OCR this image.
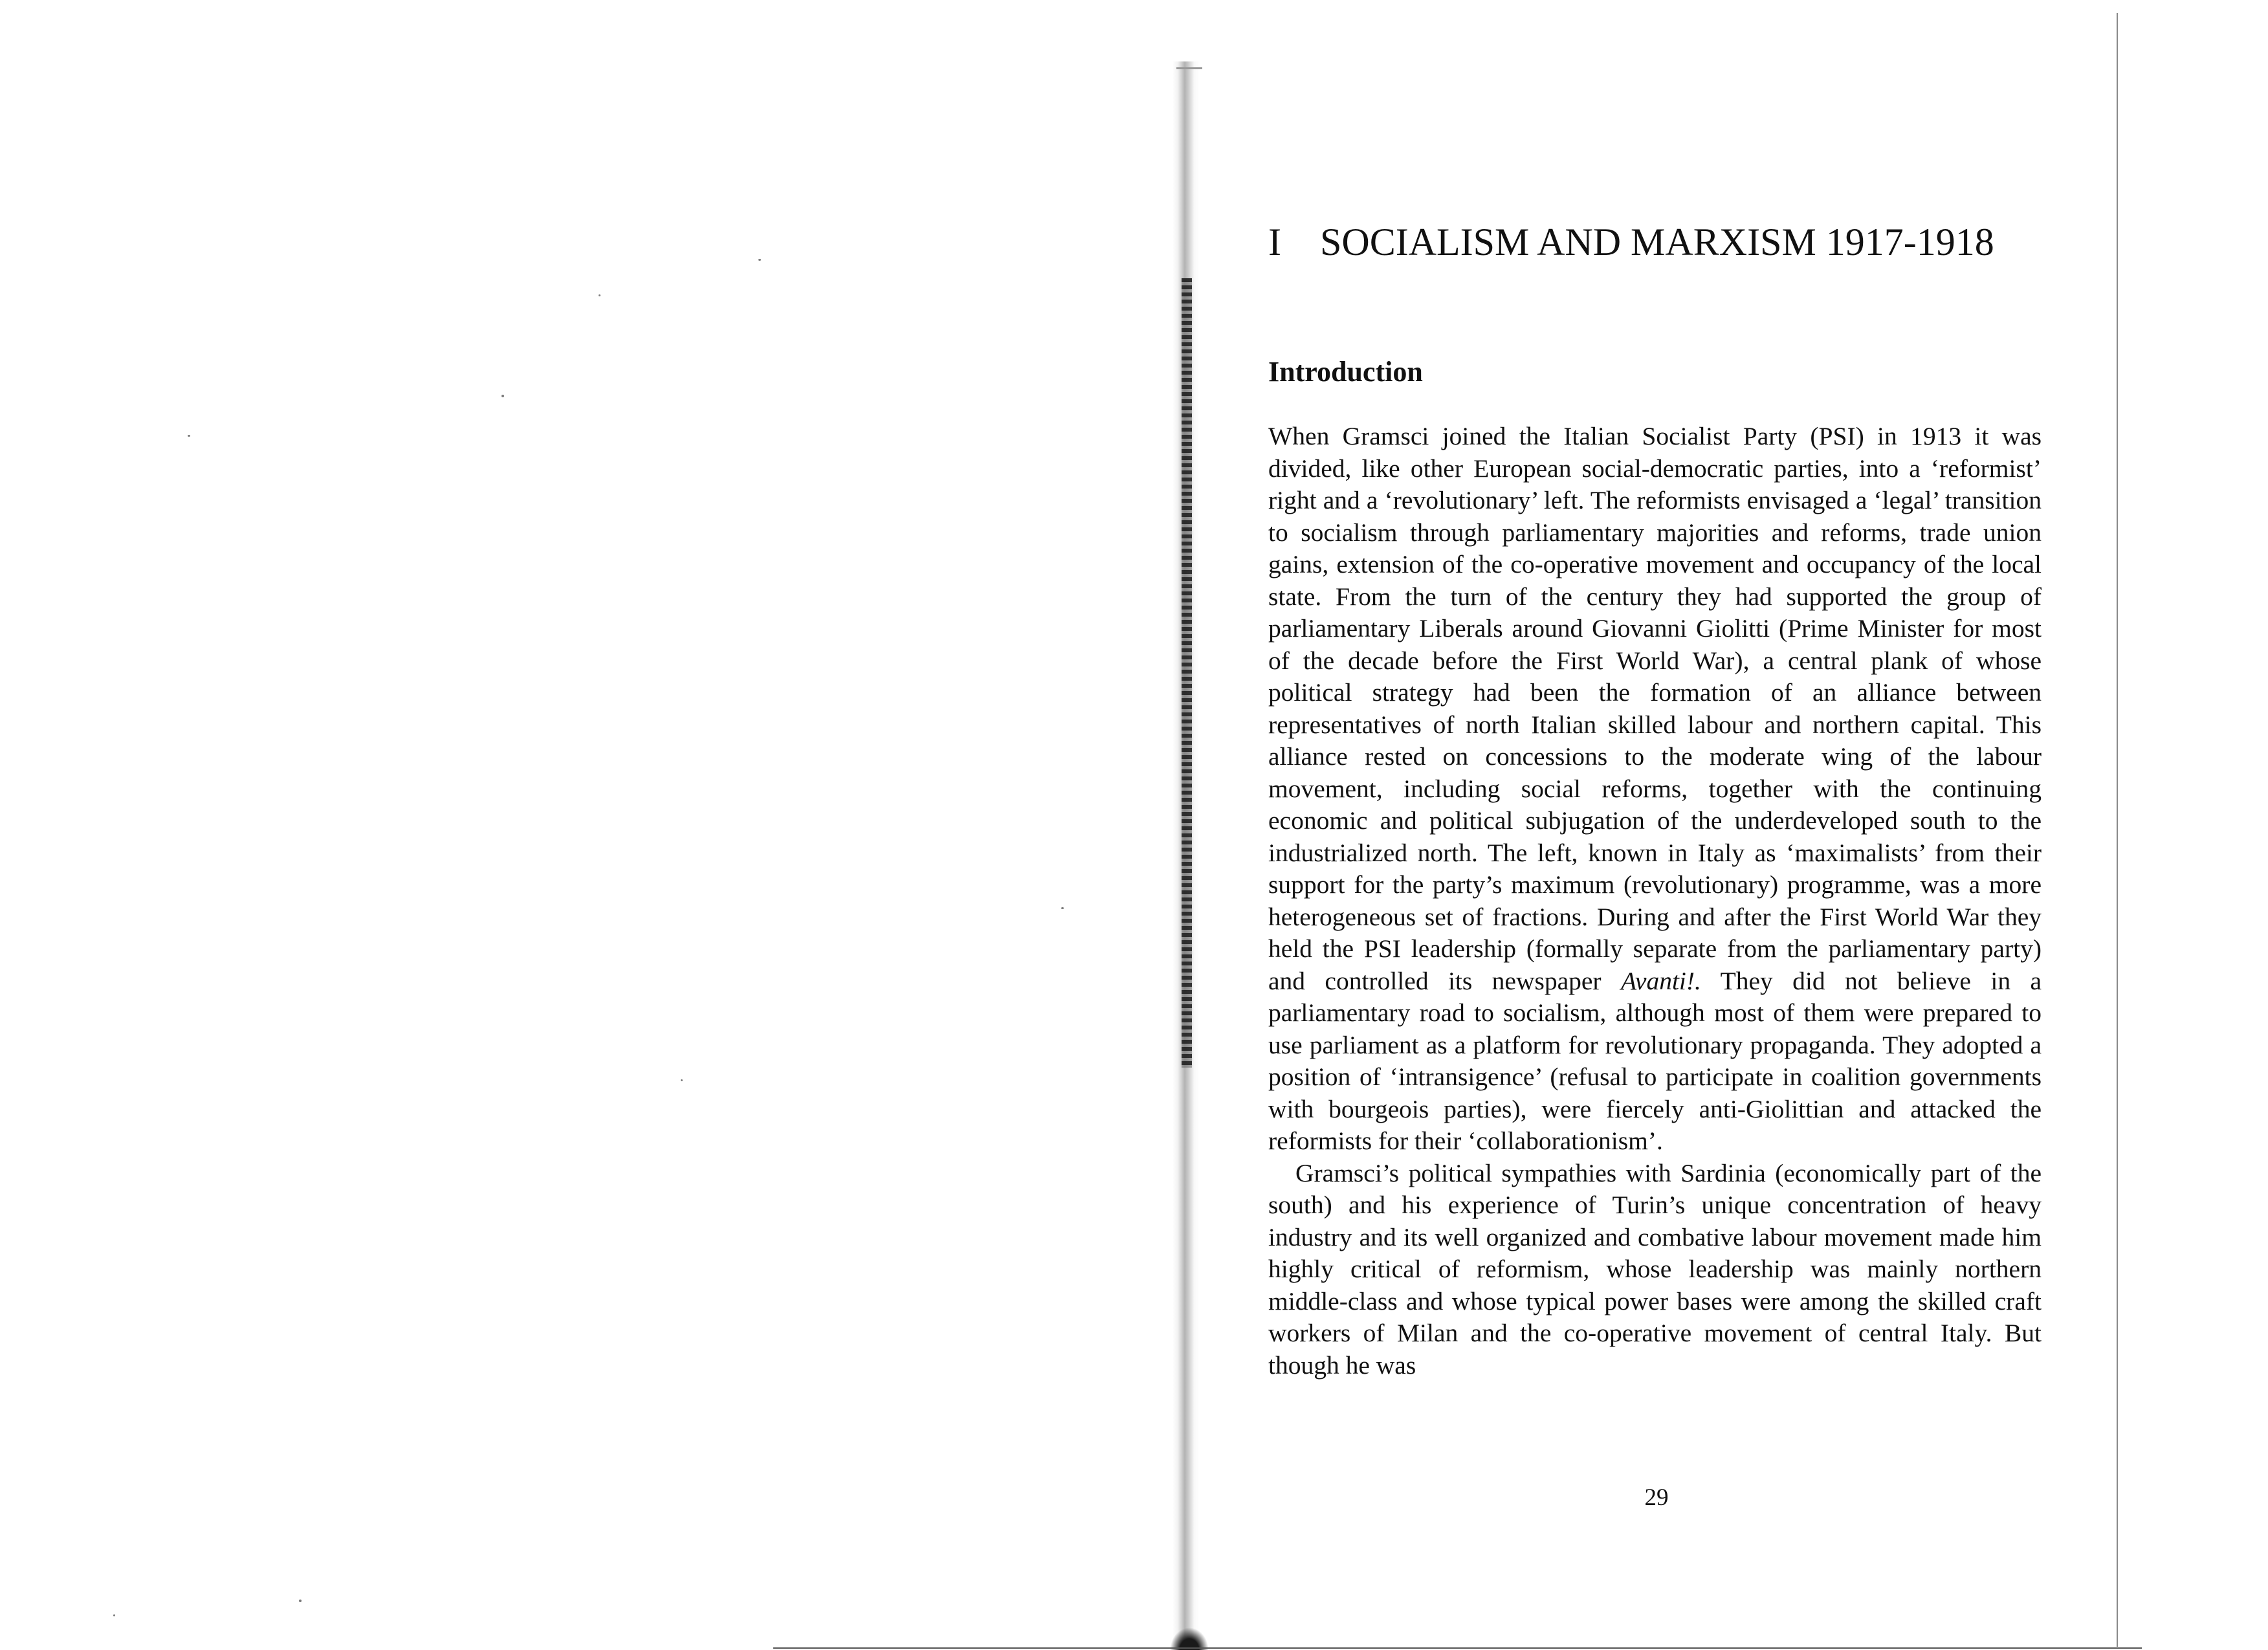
I SOCIALISM AND MARXISM 1917-1918
Introduction

When Gramsci joined the Italian Socialist Party (PSI) in 1913 it was divided, like other European social-democratic parties, into a ‘reformist’ right and a ‘revolutionary’ left. The reformists envisaged a ‘legal’ transition to socialism through parliamentary majorities and reforms, trade union gains, extension of the co-operative movement and occupancy of the local state. From the turn of the century they had supported the group of parliamentary Liberals around Giovanni Giolitti (Prime Minister for most of the decade before the First World War), a central plank of whose political strategy had been the formation of an alliance between representatives of north Italian skilled labour and northern capital. This alliance rested on concessions to the moderate wing of the labour movement, including social reforms, together with the continuing economic and political subjugation of the underdeveloped south to the industrialized north. The left, known in Italy as ‘maximalists’ from their support for the party’s maximum (revolutionary) programme, was a more heterogeneous set of fractions. During and after the First World War they held the PSI leadership (formally separate from the parliamentary party) and controlled its newspaper Avanti!. They did not believe in a parliamentary road to socialism, although most of them were prepared to use parliament as a platform for revolutionary propaganda. They adopted a position of ‘intransigence’ (refusal to participate in coalition governments with bourgeois parties), were fiercely anti-Giolittian and attacked the reformists for their ‘collaborationism’.

Gramsci’s political sympathies with Sardinia (economically part of the south) and his experience of Turin’s unique concentration of heavy industry and its well organized and combative labour movement made him highly critical of reformism, whose leadership was mainly northern middle-class and whose typical power bases were among the skilled craft workers of Milan and the co-operative movement of central Italy. But though he was

29
